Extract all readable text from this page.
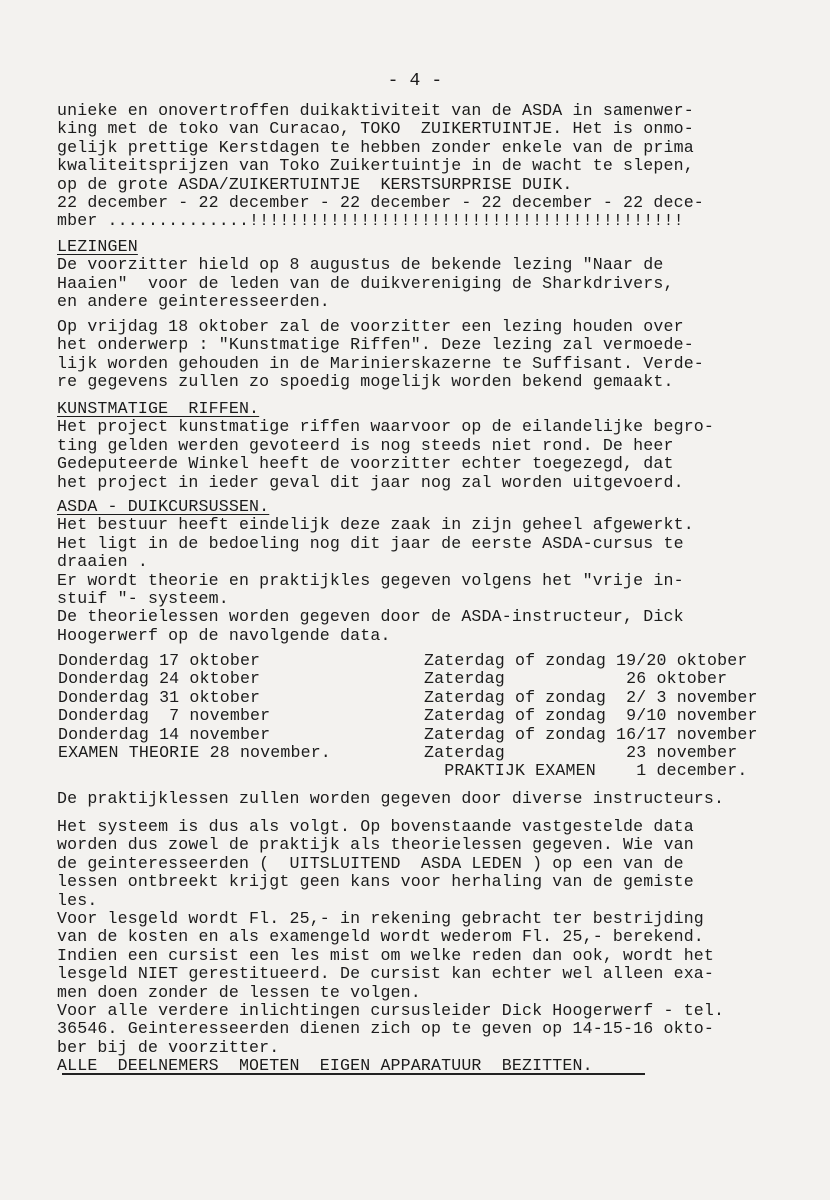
- 4 -
unieke en onovertroffen duikaktiviteit van de ASDA in samenwer-
king met de toko van Curacao, TOKO  ZUIKERTUINTJE. Het is onmo-
gelijk prettige Kerstdagen te hebben zonder enkele van de prima
kwaliteitsprijzen van Toko Zuikertuintje in de wacht te slepen,
op de grote ASDA/ZUIKERTUINTJE  KERSTSURPRISE DUIK.
22 december - 22 december - 22 december - 22 december - 22 dece-
mber ..............!!!!!!!!!!!!!!!!!!!!!!!!!!!!!!!!!!!!!!!!!!!
LEZINGEN
De voorzitter hield op 8 augustus de bekende lezing "Naar de
Haaien"  voor de leden van de duikvereniging de Sharkdrivers,
en andere geinteresseerden.
Op vrijdag 18 oktober zal de voorzitter een lezing houden over
het onderwerp : "Kunstmatige Riffen". Deze lezing zal vermoede-
lijk worden gehouden in de Marinierskazerne te Suffisant. Verde-
re gegevens zullen zo spoedig mogelijk worden bekend gemaakt.
KUNSTMATIGE  RIFFEN.
Het project kunstmatige riffen waarvoor op de eilandelijke begro-
ting gelden werden gevoteerd is nog steeds niet rond. De heer
Gedeputeerde Winkel heeft de voorzitter echter toegezegd, dat
het project in ieder geval dit jaar nog zal worden uitgevoerd.
ASDA - DUIKCURSUSSEN.
Het bestuur heeft eindelijk deze zaak in zijn geheel afgewerkt.
Het ligt in de bedoeling nog dit jaar de eerste ASDA-cursus te
draaien .
Er wordt theorie en praktijkles gegeven volgens het "vrije in-
stuif "- systeem.
De theorielessen worden gegeven door de ASDA-instructeur, Dick
Hoogerwerf op de navolgende data.
Donderdag 17 oktober
Donderdag 24 oktober
Donderdag 31 oktober
Donderdag  7 november
Donderdag 14 november
EXAMEN THEORIE 28 november.
Zaterdag of zondag 19/20 oktober
Zaterdag            26 oktober
Zaterdag of zondag  2/ 3 november
Zaterdag of zondag  9/10 november
Zaterdag of zondag 16/17 november
Zaterdag            23 november
PRAKTIJK EXAMEN    1 december.
De praktijklessen zullen worden gegeven door diverse instructeurs.
Het systeem is dus als volgt. Op bovenstaande vastgestelde data
worden dus zowel de praktijk als theorielessen gegeven. Wie van
de geinteresseerden (  UITSLUITEND  ASDA LEDEN ) op een van de
lessen ontbreekt krijgt geen kans voor herhaling van de gemiste
les.
Voor lesgeld wordt Fl. 25,- in rekening gebracht ter bestrijding
van de kosten en als examengeld wordt wederom Fl. 25,- berekend.
Indien een cursist een les mist om welke reden dan ook, wordt het
lesgeld NIET gerestitueerd. De cursist kan echter wel alleen exa-
men doen zonder de lessen te volgen.
Voor alle verdere inlichtingen cursusleider Dick Hoogerwerf - tel.
36546. Geinteresseerden dienen zich op te geven op 14-15-16 okto-
ber bij de voorzitter.
ALLE  DEELNEMERS  MOETEN  EIGEN APPARATUUR  BEZITTEN.
